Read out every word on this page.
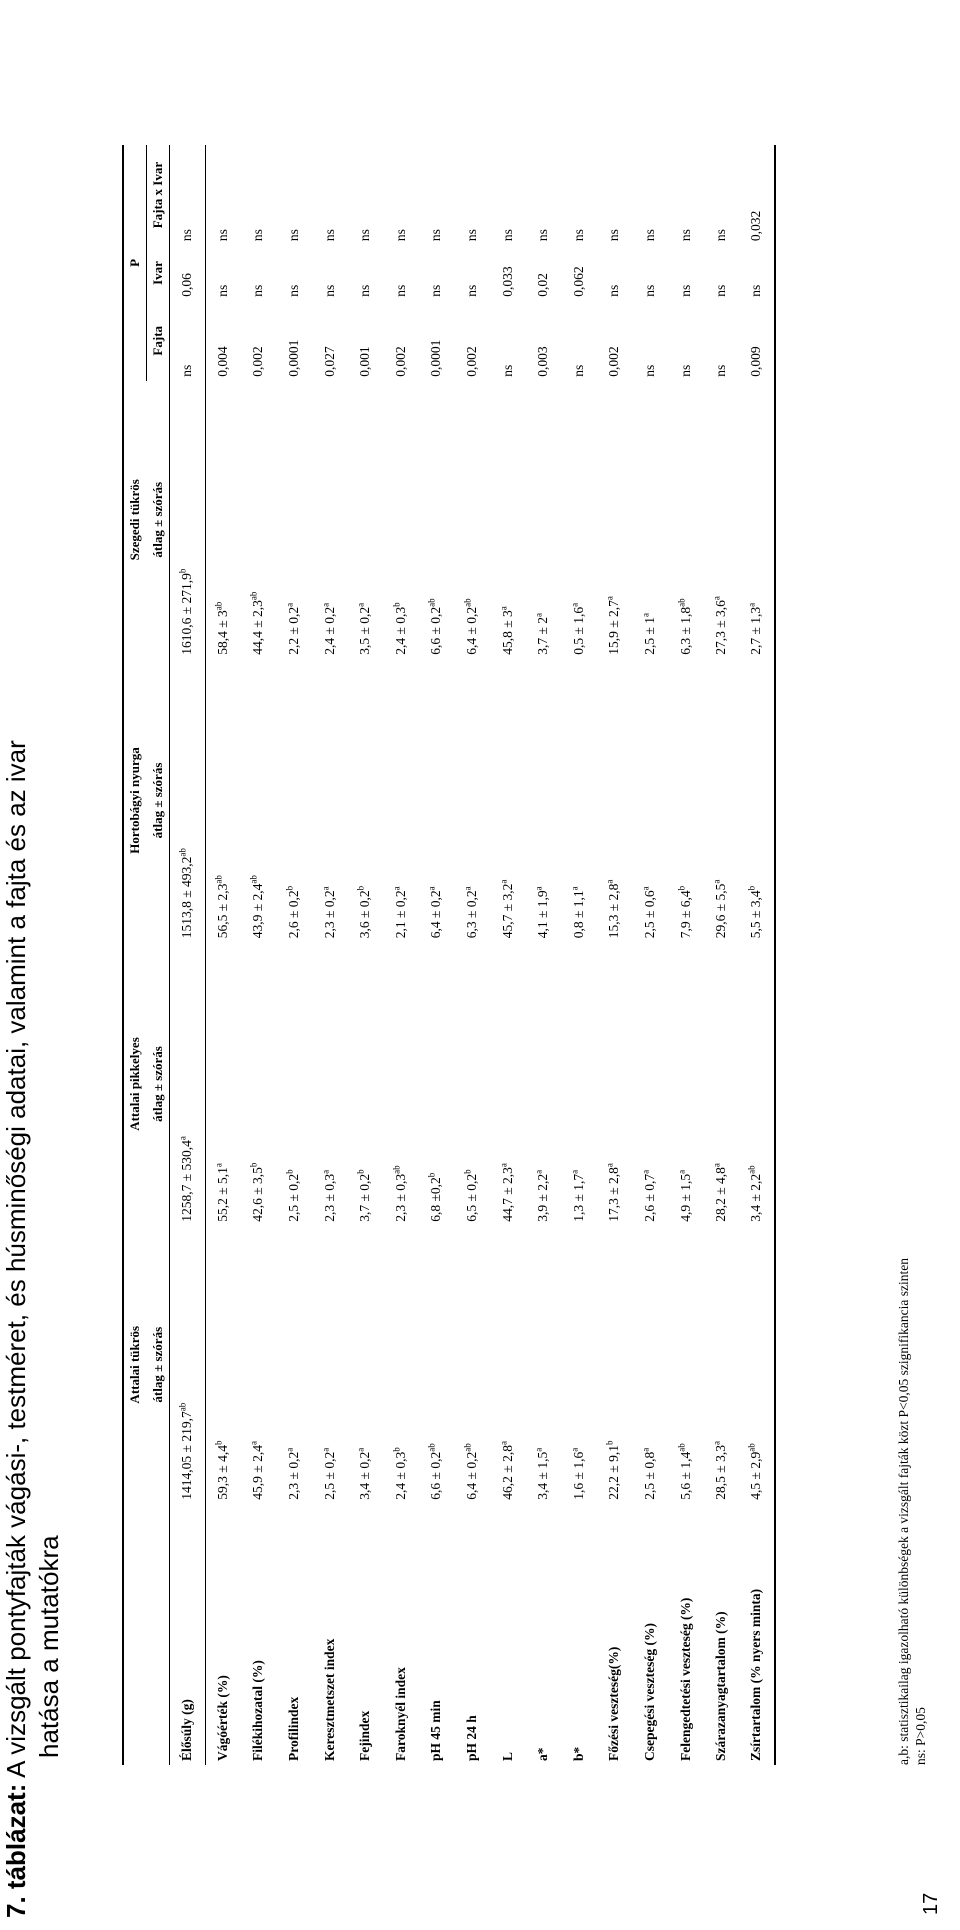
7. táblázat: A vizsgált pontyfajták vágási-, testméret, és húsminőségi adatai, valamint a fajta és az ivar hatása a mutatókra
	Attalai tükrös	Attalai pikkelyes	Hortobágyi nyurga	Szegedi tükrös	P		
	átlag ± szórás	átlag ± szórás	átlag ± szórás	átlag ± szórás	Fajta	Ivar	Fajta x Ivar
Élősúly (g)	1414,05 ± 219,7$^{ab}$	1258,7 ± 530,4$^a$	1513,8 ± 493,2$^{ab}$	1610,6 ± 271,9$^b$	ns	0,06	ns
Vágóérték (%)	59,3 ± 4,4$^b$	55,2 ± 5,1$^a$	56,5 ± 2,3$^{ab}$	$58,4 \pm 3^{ab}$	0,004	ns	ns
Filékihozatal (%)	45,9 ± 2,4$^a$	42,6 ± 3,5$^b$	43,9 ± 2,4$^{ab}$	44,4 ± 2,3$^{ab}$	0,002	ns	ns
Profilindex	2,3 ± 0,2$^a$	2,5 ± 0,2$^b$	2,6 ± 0,2$^b$	2,2 ± 0,2$^a$	0,0001	ns	ns
Keresztmetszet index	2,5 ± 0,2$^a$	2,3 ± 0,3$^a$	2,3 ± 0,2$^a$	2,4 ± 0,2$^a$	0,027	ns	ns
Fejindex	3,4 ± 0,2$^a$	3,7 ± 0,2$^b$	3,6 ± 0,2$^b$	3,5 ± 0,2$^a$	0,001	ns	ns
Faroknyél index	2,4 ± 0,3$^b$	2,3 ± 0,3$^{ab}$	2,1 ± 0,2$^a$	2,4 ± 0,3$^b$	0,002	ns	ns
pH 45 min	6,6 ± 0,2$^{ab}$	6,8 ±0,2$^b$	6,4 ± 0,2$^a$	6,6 ± 0,2$^{ab}$	0,0001	ns	ns
pH 24 h	6,4 ± 0,2$^{ab}$	6,5 ± 0,2$^b$	6,3 ± 0,2$^a$	6,4 ± 0,2$^{ab}$	0,002	ns	ns
L	46,2 ± 2,8$^a$	44,7 ± 2,3$^a$	45,7 ± 3,2$^a$	$45,8 \pm 3^a$	ns	0,033	ns
a*	3,4 ± 1,5$^a$	3,9 ± 2,2$^a$	4,1 ± 1,9$^a$	$3,7 \pm 2^a$	0,003	0,02	ns
b*	1,6 ± 1,6$^a$	1,3 ± 1,7$^a$	0,8 ± 1,1$^a$	0,5 ± 1,6$^a$	ns	0,062	ns
Főzési veszteség(%)	22,2 ± 9,1$^b$	17,3 ± 2,8$^a$	15,3 ± 2,8$^a$	15,9 ± 2,7$^a$	0,002	ns	ns
Csepegési veszteség (%)	2,5 ± 0,8$^a$	2,6 ± 0,7$^a$	2,5 ± 0,6$^a$	$2,5 \pm 1^a$	ns	ns	ns
Felengedtetési veszteség (%)	5,6 ± 1,4$^{ab}$	4,9 ± 1,5$^a$	7,9 ± 6,4$^b$	6,3 ± 1,8$^{ab}$	ns	ns	ns
Szárazanyagtartalom (%)	28,5 ± 3,3$^a$	28,2 ± 4,8$^a$	29,6 ± 5,5$^a$	27,3 ± 3,6$^a$	ns	ns	ns
Zsírtartalom (% nyers minta)	4,5 ± 2,9$^{ab}$	3,4 ± 2,2$^{ab}$	5,5 ± 3,4$^b$	2,7 ± 1,3$^a$	0,009	ns	0,032
a,b: statisztikailag igazolható különbségek a vizsgált fajták közt P<0,05 szignifikancia szinten ns: P>0,05
17
